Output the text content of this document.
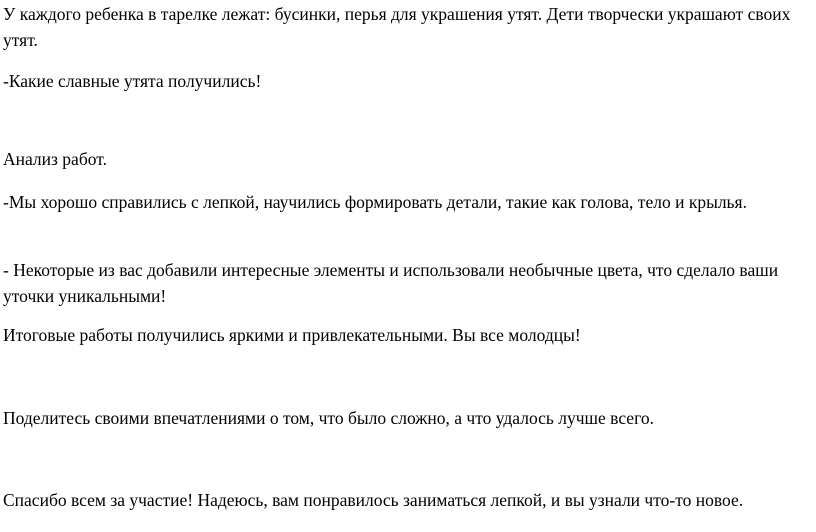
У каждого ребенка в тарелке лежат: бусинки, перья для украшения утят. Дети творчески украшают своих утят.

-Какие славные утята получились!

Анализ работ.

-Мы хорошо справились с лепкой, научились формировать детали, такие как голова, тело и крылья.

- Некоторые из вас добавили интересные элементы и использовали необычные цвета, что сделало ваши уточки уникальными!

Итоговые работы получились яркими и привлекательными. Вы все молодцы!

Поделитесь своими впечатлениями о том, что было сложно, а что удалось лучше всего.

Спасибо всем за участие! Надеюсь, вам понравилось заниматься лепкой, и вы узнали что-то новое.
